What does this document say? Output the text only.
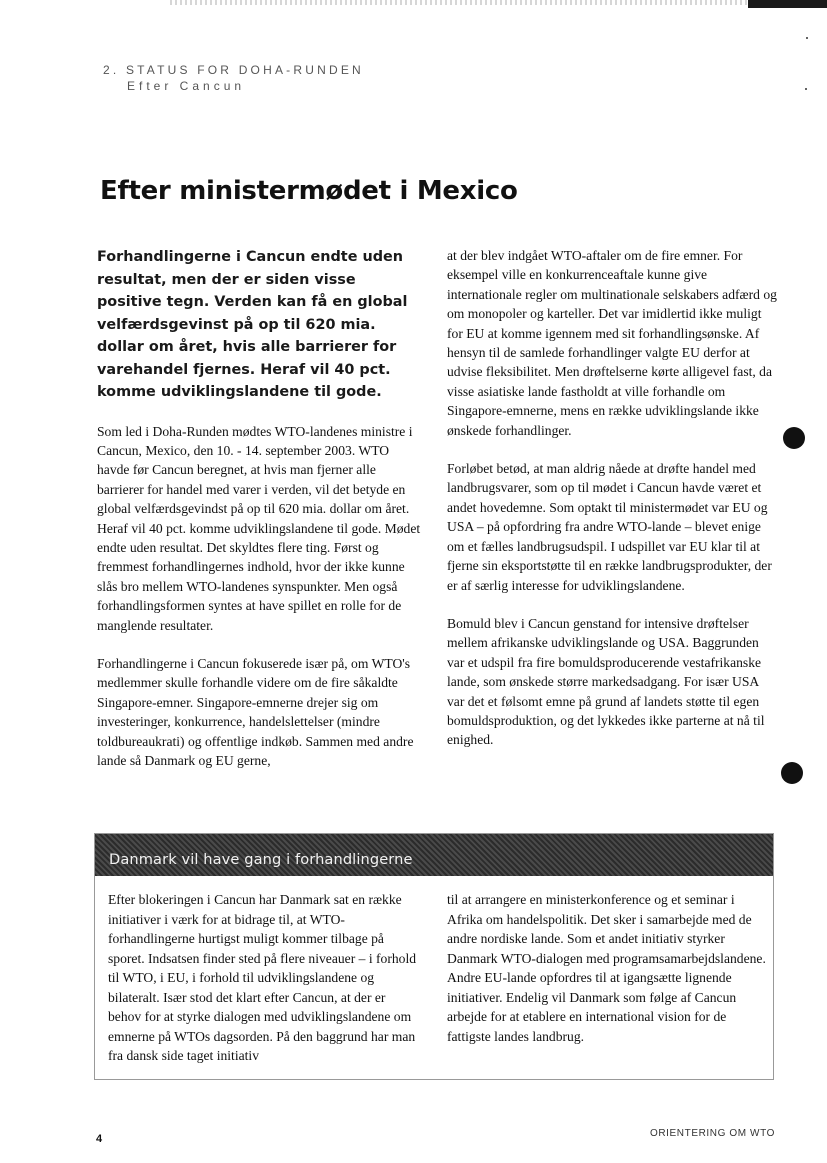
2. STATUS FOR DOHA-RUNDEN
Efter Cancun
Efter ministermødet i Mexico

Forhandlingerne i Cancun endte uden resultat, men der er siden visse positive tegn. Verden kan få en global velfærdsgevinst på op til 620 mia. dollar om året, hvis alle barrierer for varehandel fjernes. Heraf vil 40 pct. komme udviklingslandene til gode.

Som led i Doha-Runden mødtes WTO-landenes ministre i Cancun, Mexico, den 10. - 14. september 2003. WTO havde før Cancun beregnet, at hvis man fjerner alle barrierer for handel med varer i verden, vil det betyde en global velfærdsgevindst på op til 620 mia. dollar om året. Heraf vil 40 pct. komme udviklingslandene til gode. Mødet endte uden resultat. Det skyldtes flere ting. Først og fremmest forhandlingernes indhold, hvor der ikke kunne slås bro mellem WTO-landenes synspunkter. Men også forhandlingsformen syntes at have spillet en rolle for de manglende resultater.

Forhandlingerne i Cancun fokuserede især på, om WTO's medlemmer skulle forhandle videre om de fire såkaldte Singapore-emner. Singapore-emnerne drejer sig om investeringer, konkurrence, handelslettelser (mindre toldbureaukrati) og offentlige indkøb. Sammen med andre lande så Danmark og EU gerne,

at der blev indgået WTO-aftaler om de fire emner. For eksempel ville en konkurrenceaftale kunne give internationale regler om multinationale selskabers adfærd og om monopoler og karteller. Det var imidlertid ikke muligt for EU at komme igennem med sit forhandlingsønske. Af hensyn til de samlede forhandlinger valgte EU derfor at udvise fleksibilitet. Men drøftelserne kørte alligevel fast, da visse asiatiske lande fastholdt at ville forhandle om Singapore-emnerne, mens en række udviklingslande ikke ønskede forhandlinger.

Forløbet betød, at man aldrig nåede at drøfte handel med landbrugsvarer, som op til mødet i Cancun havde været et andet hovedemne. Som optakt til ministermødet var EU og USA – på opfordring fra andre WTO-lande – blevet enige om et fælles landbrugsudspil. I udspillet var EU klar til at fjerne sin eksportstøtte til en række landbrugsprodukter, der er af særlig interesse for udviklingslandene.

Bomuld blev i Cancun genstand for intensive drøftelser mellem afrikanske udviklingslande og USA. Baggrunden var et udspil fra fire bomuldsproducerende vestafrikanske lande, som ønskede større markedsadgang. For især USA var det et følsomt emne på grund af landets støtte til egen bomuldsproduktion, og det lykkedes ikke parterne at nå til enighed.

Danmark vil have gang i forhandlingerne

Efter blokeringen i Cancun har Danmark sat en række initiativer i værk for at bidrage til, at WTO-forhandlingerne hurtigst muligt kommer tilbage på sporet. Indsatsen finder sted på flere niveauer – i forhold til WTO, i EU, i forhold til udviklingslandene og bilateralt. Især stod det klart efter Cancun, at der er behov for at styrke dialogen med udviklingslandene om emnerne på WTOs dagsorden. På den baggrund har man fra dansk side taget initiativ

til at arrangere en ministerkonference og et seminar i Afrika om handelspolitik. Det sker i samarbejde med de andre nordiske lande. Som et andet initiativ styrker Danmark WTO-dialogen med programsamarbejdslandene. Andre EU-lande opfordres til at igangsætte lignende initiativer. Endelig vil Danmark som følge af Cancun arbejde for at etablere en international vision for de fattigste landes landbrug.

4	ORIENTERING OM WTO
